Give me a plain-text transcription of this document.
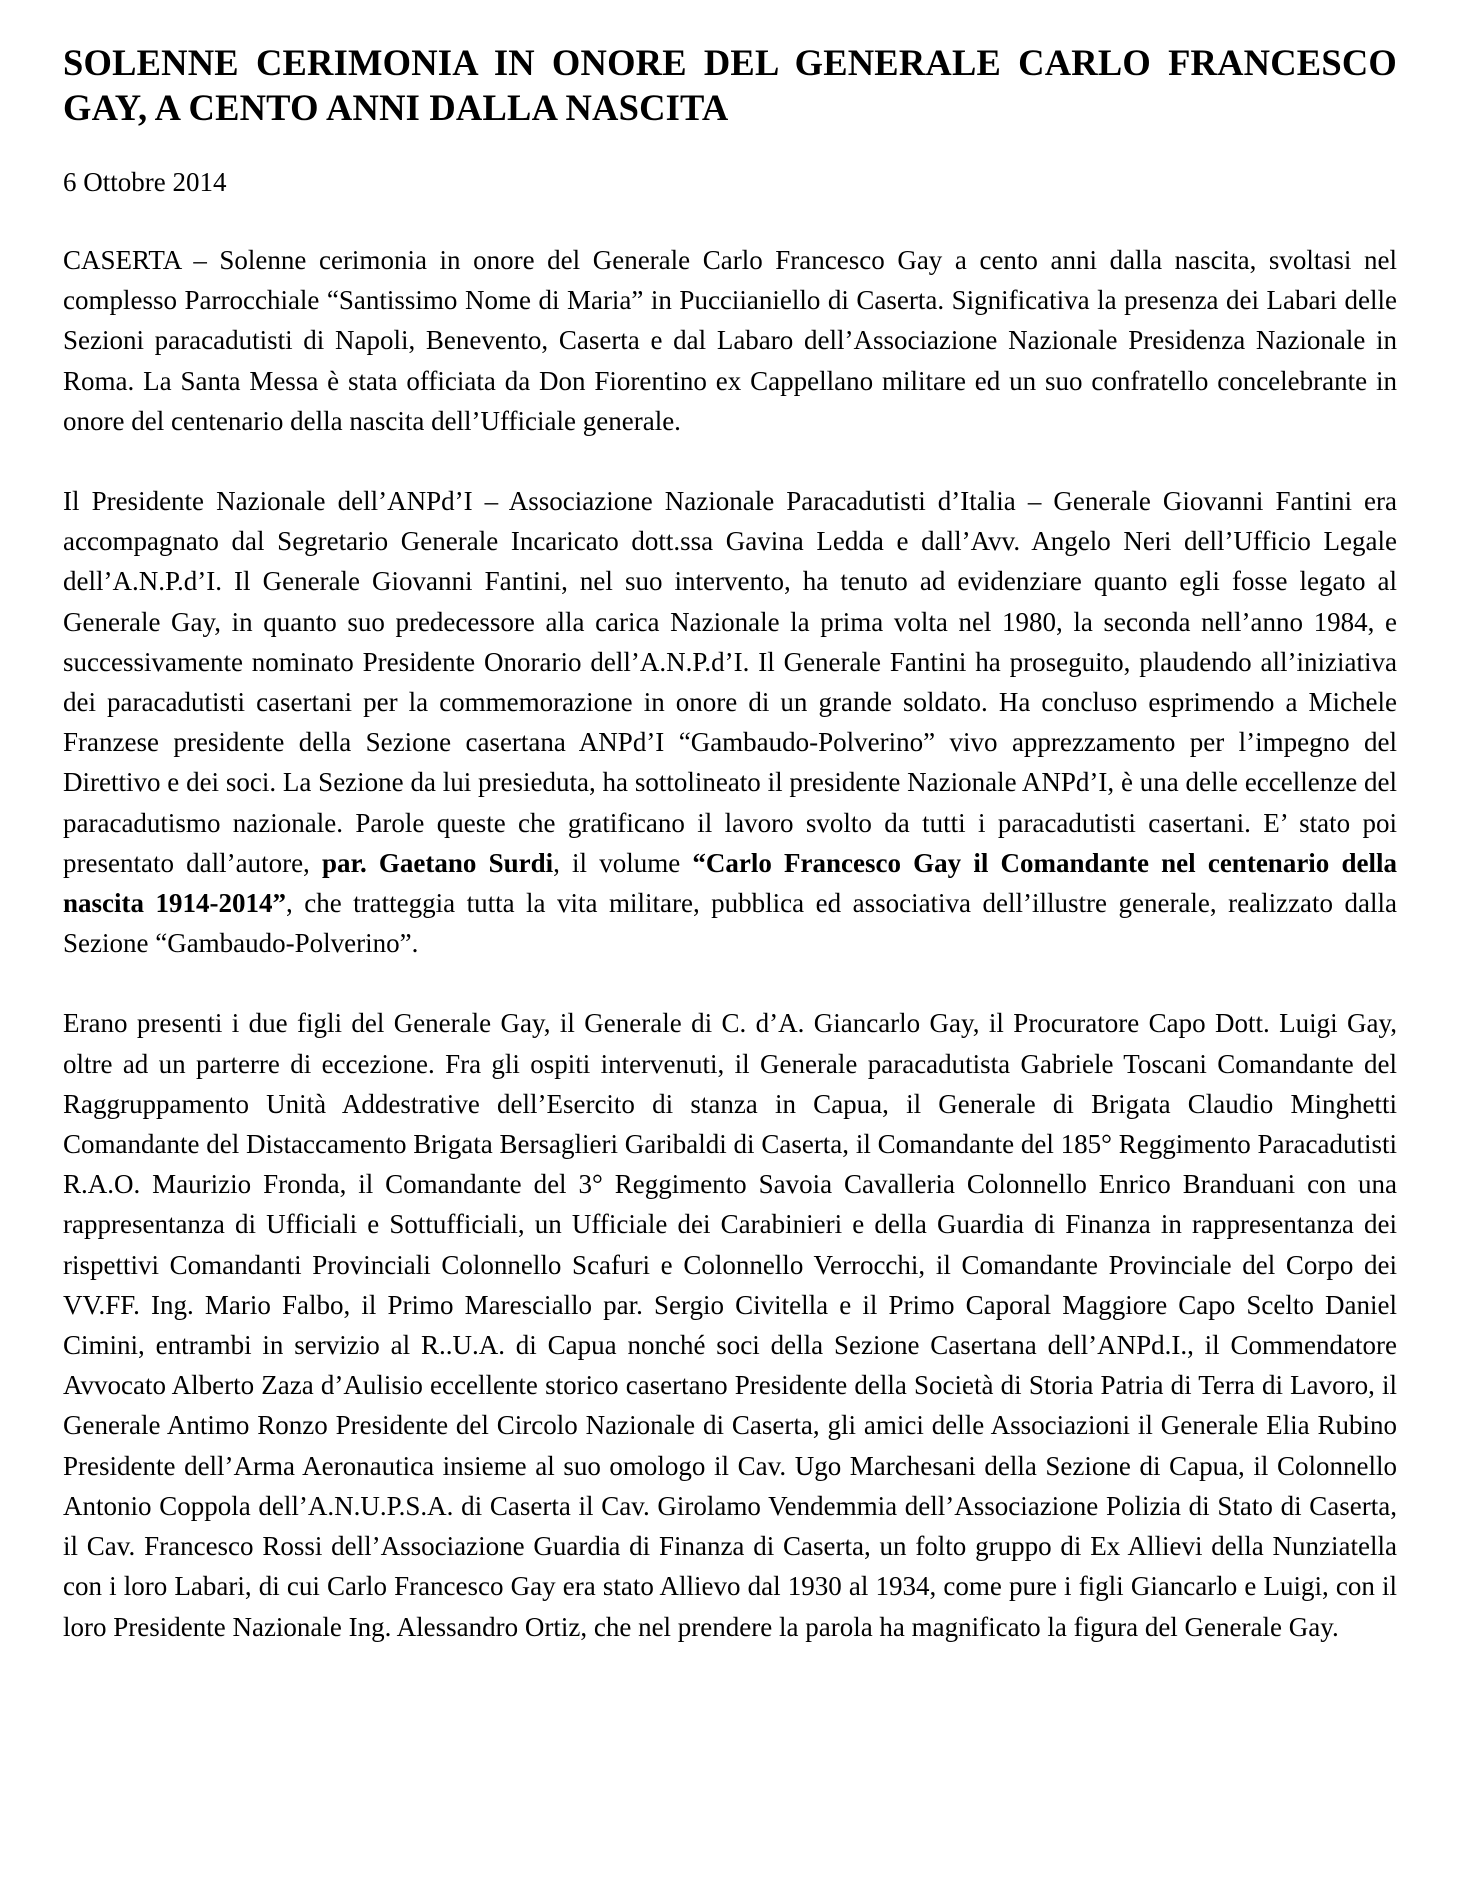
SOLENNE CERIMONIA IN ONORE DEL GENERALE CARLO FRANCESCO GAY, A CENTO ANNI DALLA NASCITA

6 Ottobre 2014

CASERTA – Solenne cerimonia in onore del Generale Carlo Francesco Gay a cento anni dalla nascita, svoltasi nel complesso Parrocchiale “Santissimo Nome di Maria” in Pucciianiello di Caserta. Significativa la presenza dei Labari delle Sezioni paracadutisti di Napoli, Benevento, Caserta e dal Labaro dell’Associazione Nazionale Presidenza Nazionale in Roma. La Santa Messa è stata officiata da Don Fiorentino ex Cappellano militare ed un suo confratello concelebrante in onore del centenario della nascita dell’Ufficiale generale.

Il Presidente Nazionale dell’ANPd’I – Associazione Nazionale Paracadutisti d’Italia – Generale Giovanni Fantini era accompagnato dal Segretario Generale Incaricato dott.ssa Gavina Ledda e dall’Avv. Angelo Neri dell’Ufficio Legale dell’A.N.P.d’I. Il Generale Giovanni Fantini, nel suo intervento, ha tenuto ad evidenziare quanto egli fosse legato al Generale Gay, in quanto suo predecessore alla carica Nazionale la prima volta nel 1980, la seconda nell’anno 1984, e successivamente nominato Presidente Onorario dell’A.N.P.d’I. Il Generale Fantini ha proseguito, plaudendo all’iniziativa dei paracadutisti casertani per la commemorazione in onore di un grande soldato. Ha concluso esprimendo a Michele Franzese presidente della Sezione casertana ANPd’I “Gambaudo-Polverino” vivo apprezzamento per l’impegno del Direttivo e dei soci. La Sezione da lui presieduta, ha sottolineato il presidente Nazionale ANPd’I, è una delle eccellenze del paracadutismo nazionale. Parole queste che gratificano il lavoro svolto da tutti i paracadutisti casertani. E’ stato poi presentato dall’autore, par. Gaetano Surdi, il volume “Carlo Francesco Gay il Comandante nel centenario della nascita 1914-2014”, che tratteggia tutta la vita militare, pubblica ed associativa dell’illustre generale, realizzato dalla Sezione “Gambaudo-Polverino”.

Erano presenti i due figli del Generale Gay, il Generale di C. d’A. Giancarlo Gay, il Procuratore Capo Dott. Luigi Gay, oltre ad un parterre di eccezione. Fra gli ospiti intervenuti, il Generale paracadutista Gabriele Toscani Comandante del Raggruppamento Unità Addestrative dell’Esercito di stanza in Capua, il Generale di Brigata Claudio Minghetti Comandante del Distaccamento Brigata Bersaglieri Garibaldi di Caserta, il Comandante del 185° Reggimento Paracadutisti R.A.O. Maurizio Fronda, il Comandante del 3° Reggimento Savoia Cavalleria Colonnello Enrico Branduani con una rappresentanza di Ufficiali e Sottufficiali, un Ufficiale dei Carabinieri e della Guardia di Finanza in rappresentanza dei rispettivi Comandanti Provinciali Colonnello Scafuri e Colonnello Verrocchi, il Comandante Provinciale del Corpo dei VV.FF. Ing. Mario Falbo, il Primo Maresciallo par. Sergio Civitella e il Primo Caporal Maggiore Capo Scelto Daniel Cimini, entrambi in servizio al R..U.A. di Capua nonché soci della Sezione Casertana dell’ANPd.I., il Commendatore Avvocato Alberto Zaza d’Aulisio eccellente storico casertano Presidente della Società di Storia Patria di Terra di Lavoro, il Generale Antimo Ronzo Presidente del Circolo Nazionale di Caserta, gli amici delle Associazioni il Generale Elia Rubino Presidente dell’Arma Aeronautica insieme al suo omologo il Cav. Ugo Marchesani della Sezione di Capua, il Colonnello Antonio Coppola dell’A.N.U.P.S.A. di Caserta il Cav. Girolamo Vendemmia dell’Associazione Polizia di Stato di Caserta, il Cav. Francesco Rossi dell’Associazione Guardia di Finanza di Caserta, un folto gruppo di Ex Allievi della Nunziatella con i loro Labari, di cui Carlo Francesco Gay era stato Allievo dal 1930 al 1934, come pure i figli Giancarlo e Luigi, con il loro Presidente Nazionale Ing. Alessandro Ortiz, che nel prendere la parola ha magnificato la figura del Generale Gay.
